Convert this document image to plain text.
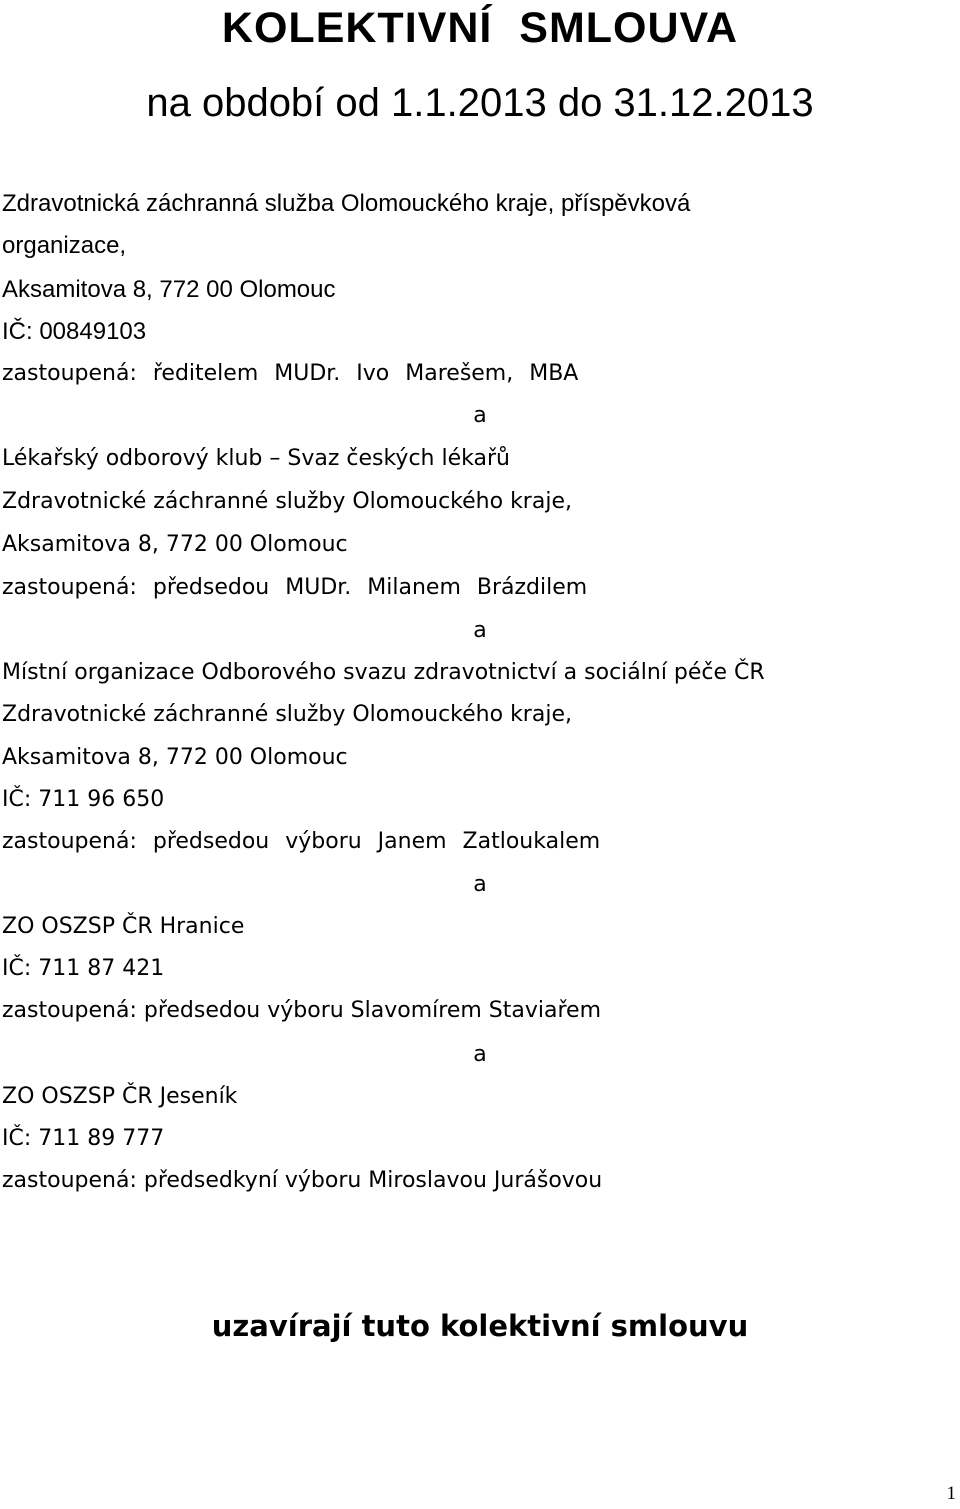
KOLEKTIVNÍ SMLOUVA
na období od 1.1.2013 do 31.12.2013
Zdravotnická záchranná služba Olomouckého kraje, příspěvková
organizace,
Aksamitova 8, 772 00 Olomouc
IČ: 00849103
zastoupená: ředitelem MUDr. Ivo Marešem, MBA
a
Lékařský odborový klub – Svaz českých lékařů
Zdravotnické záchranné služby Olomouckého kraje,
Aksamitova 8, 772 00 Olomouc
zastoupená: předsedou MUDr. Milanem Brázdilem
a
Místní organizace Odborového svazu zdravotnictví a sociální péče ČR
Zdravotnické záchranné služby Olomouckého kraje,
Aksamitova 8, 772 00 Olomouc
IČ: 711 96 650
zastoupená: předsedou výboru Janem Zatloukalem
a
ZO OSZSP ČR Hranice
IČ: 711 87 421
zastoupená: předsedou výboru Slavomírem Staviařem
a
ZO OSZSP ČR Jeseník
IČ: 711 89 777
zastoupená: předsedkyní výboru Miroslavou Jurášovou
uzavírají tuto kolektivní smlouvu
1
